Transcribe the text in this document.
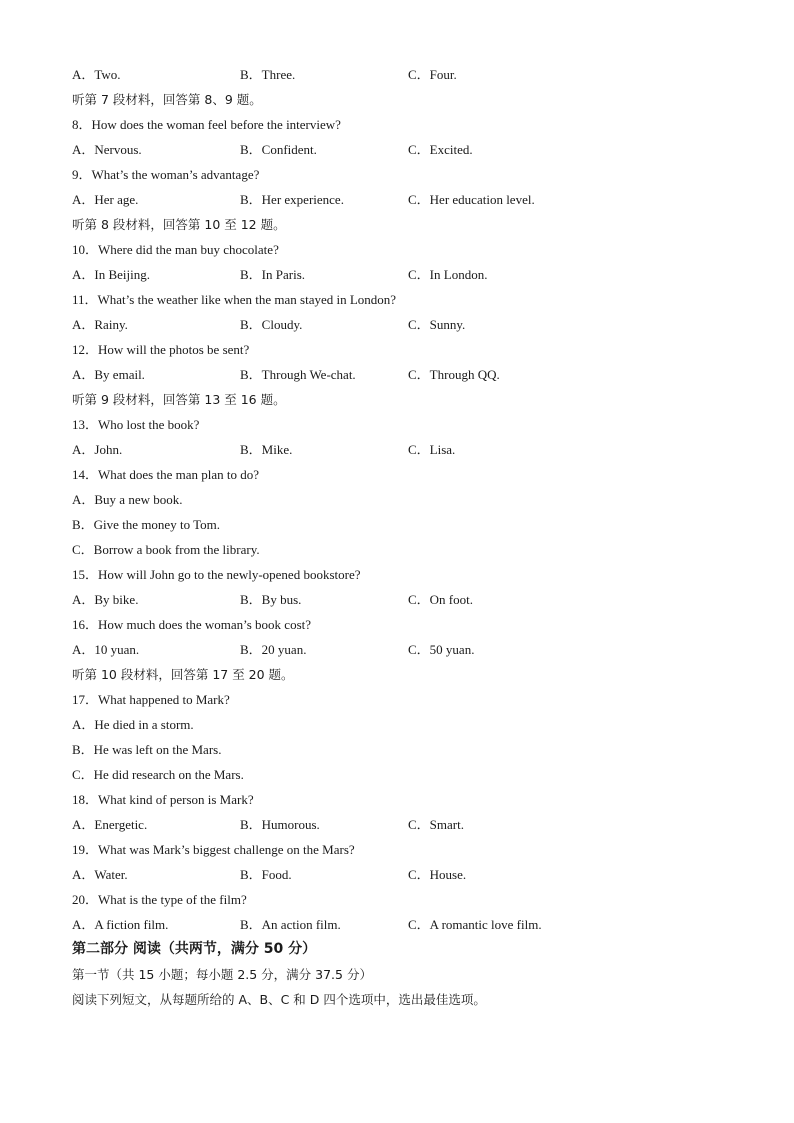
A．Two.	B．Three.	C．Four.
听第 7 段材料，回答第 8、9 题。
8．How does the woman feel before the interview?
A．Nervous.	B．Confident.	C．Excited.
9．What’s the woman’s advantage?
A．Her age.	B．Her experience.	C．Her education level.
听第 8 段材料，回答第 10 至 12 题。
10．Where did the man buy chocolate?
A．In Beijing.	B．In Paris.	C．In London.
11．What’s the weather like when the man stayed in London?
A．Rainy.	B．Cloudy.	C．Sunny.
12．How will the photos be sent?
A．By email.	B．Through We-chat.	C．Through QQ.
听第 9 段材料，回答第 13 至 16 题。
13．Who lost the book?
A．John.	B．Mike.	C．Lisa.
14．What does the man plan to do?
A．Buy a new book.
B．Give the money to Tom.
C．Borrow a book from the library.
15．How will John go to the newly-opened bookstore?
A．By bike.	B．By bus.	C．On foot.
16．How much does the woman’s book cost?
A．10 yuan.	B．20 yuan.	C．50 yuan.
听第 10 段材料，回答第 17 至 20 题。
17．What happened to Mark?
A．He died in a storm.
B．He was left on the Mars.
C．He did research on the Mars.
18．What kind of person is Mark?
A．Energetic.	B．Humorous.	C．Smart.
19．What was Mark’s biggest challenge on the Mars?
A．Water.	B．Food.	C．House.
20．What is the type of the film?
A．A fiction film.	B．An action film.	C．A romantic love film.
第二部分 阅读（共两节，满分 50 分）
第一节（共 15 小题；每小题 2.5 分，满分 37.5 分）
阅读下列短文，从每题所给的 A、B、C 和 D 四个选项中，选出最佳选项。
